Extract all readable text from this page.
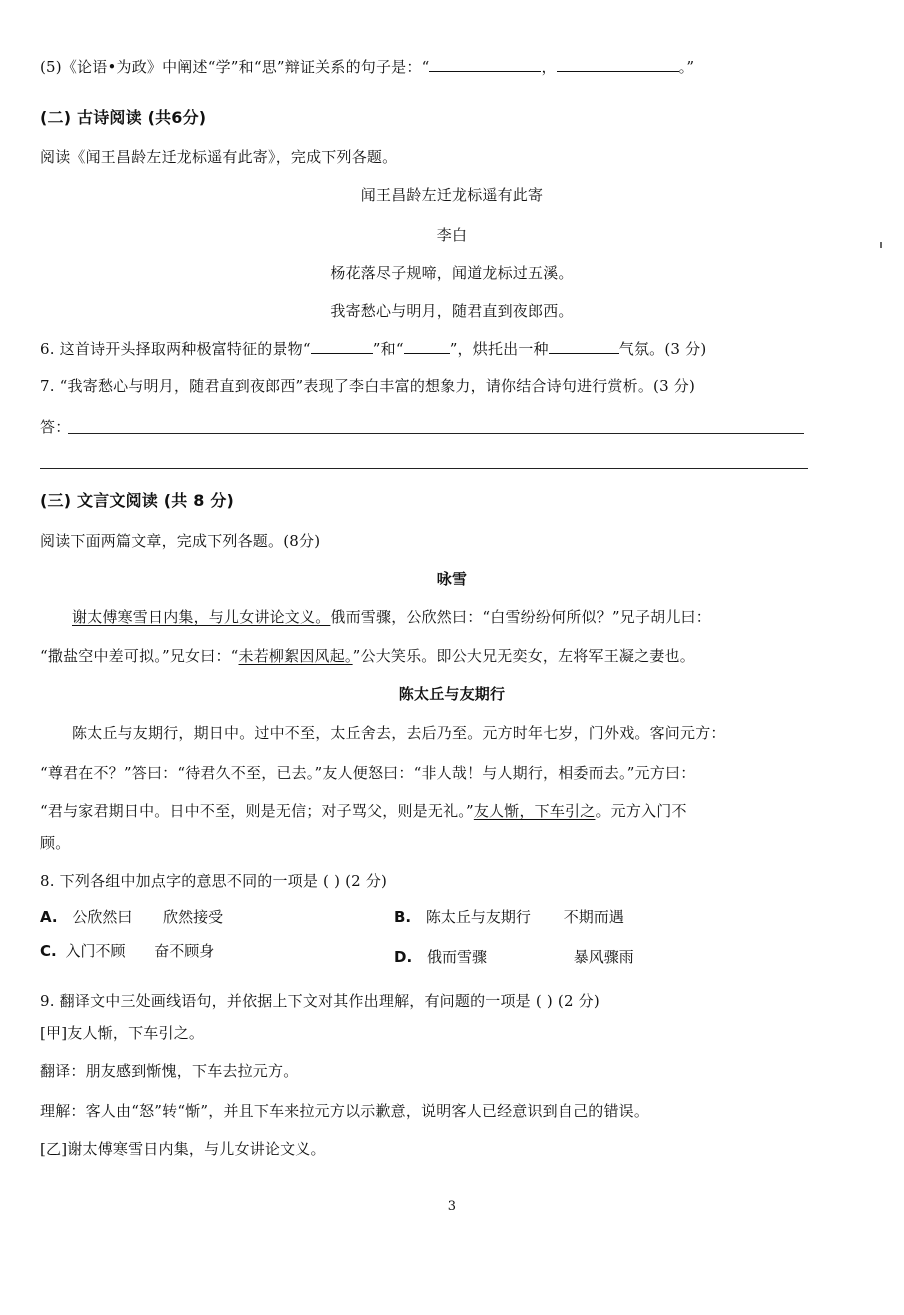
(5)《论语•为政》中阐述“学”和“思”辩证关系的句子是：“	，	。”
(二) 古诗阅读 (共6分)
阅读《闻王昌龄左迁龙标遥有此寄》，完成下列各题。
闻王昌龄左迁龙标遥有此寄
李白
杨花落尽子规啼，闻道龙标过五溪。
我寄愁心与明月，随君直到夜郎西。
6. 这首诗开头择取两种极富特征的景物“	”和“	”，烘托出一种	气氛。(3 分)
7. “我寄愁心与明月，随君直到夜郎西”表现了李白丰富的想象力，请你结合诗句进行赏析。(3 分)
答：
(三) 文言文阅读 (共 8 分)
阅读下面两篇文章，完成下列各题。(8分)
咏雪
谢太傅寒雪日内集，与儿女讲论文义。俄而雪骤，公欣然曰：“白雪纷纷何所似？”兄子胡儿曰：
“撒盐空中差可拟。”兄女曰：“未若柳絮因风起。”公大笑乐。即公大兄无奕女，左将军王凝之妻也。
陈太丘与友期行
陈太丘与友期行，期日中。过中不至，太丘舍去，去后乃至。元方时年七岁，门外戏。客问元方：
“尊君在不？”答曰：“待君久不至，已去。”友人便怒曰：“非人哉！与人期行，相委而去。”元方曰：
“君与家君期日中。日中不至，则是无信；对子骂父，则是无礼。”友人惭，下车引之。元方入门不
顾。
8. 下列各组中加点字的意思不同的一项是 ( ) (2 分)
A. 公欣然曰 欣然接受	B. 陈太丘与友期行 不期而遇
C. 入门不顾 奋不顾身	D. 俄而雪骤	暴风骤雨
9. 翻译文中三处画线语句，并依据上下文对其作出理解，有问题的一项是 ( ) (2 分)
[甲]友人惭，下车引之。
翻译：朋友感到惭愧，下车去拉元方。
理解：客人由“怒”转“惭”，并且下车来拉元方以示歉意，说明客人已经意识到自己的错误。
[乙]谢太傅寒雪日内集，与儿女讲论文义。
3
